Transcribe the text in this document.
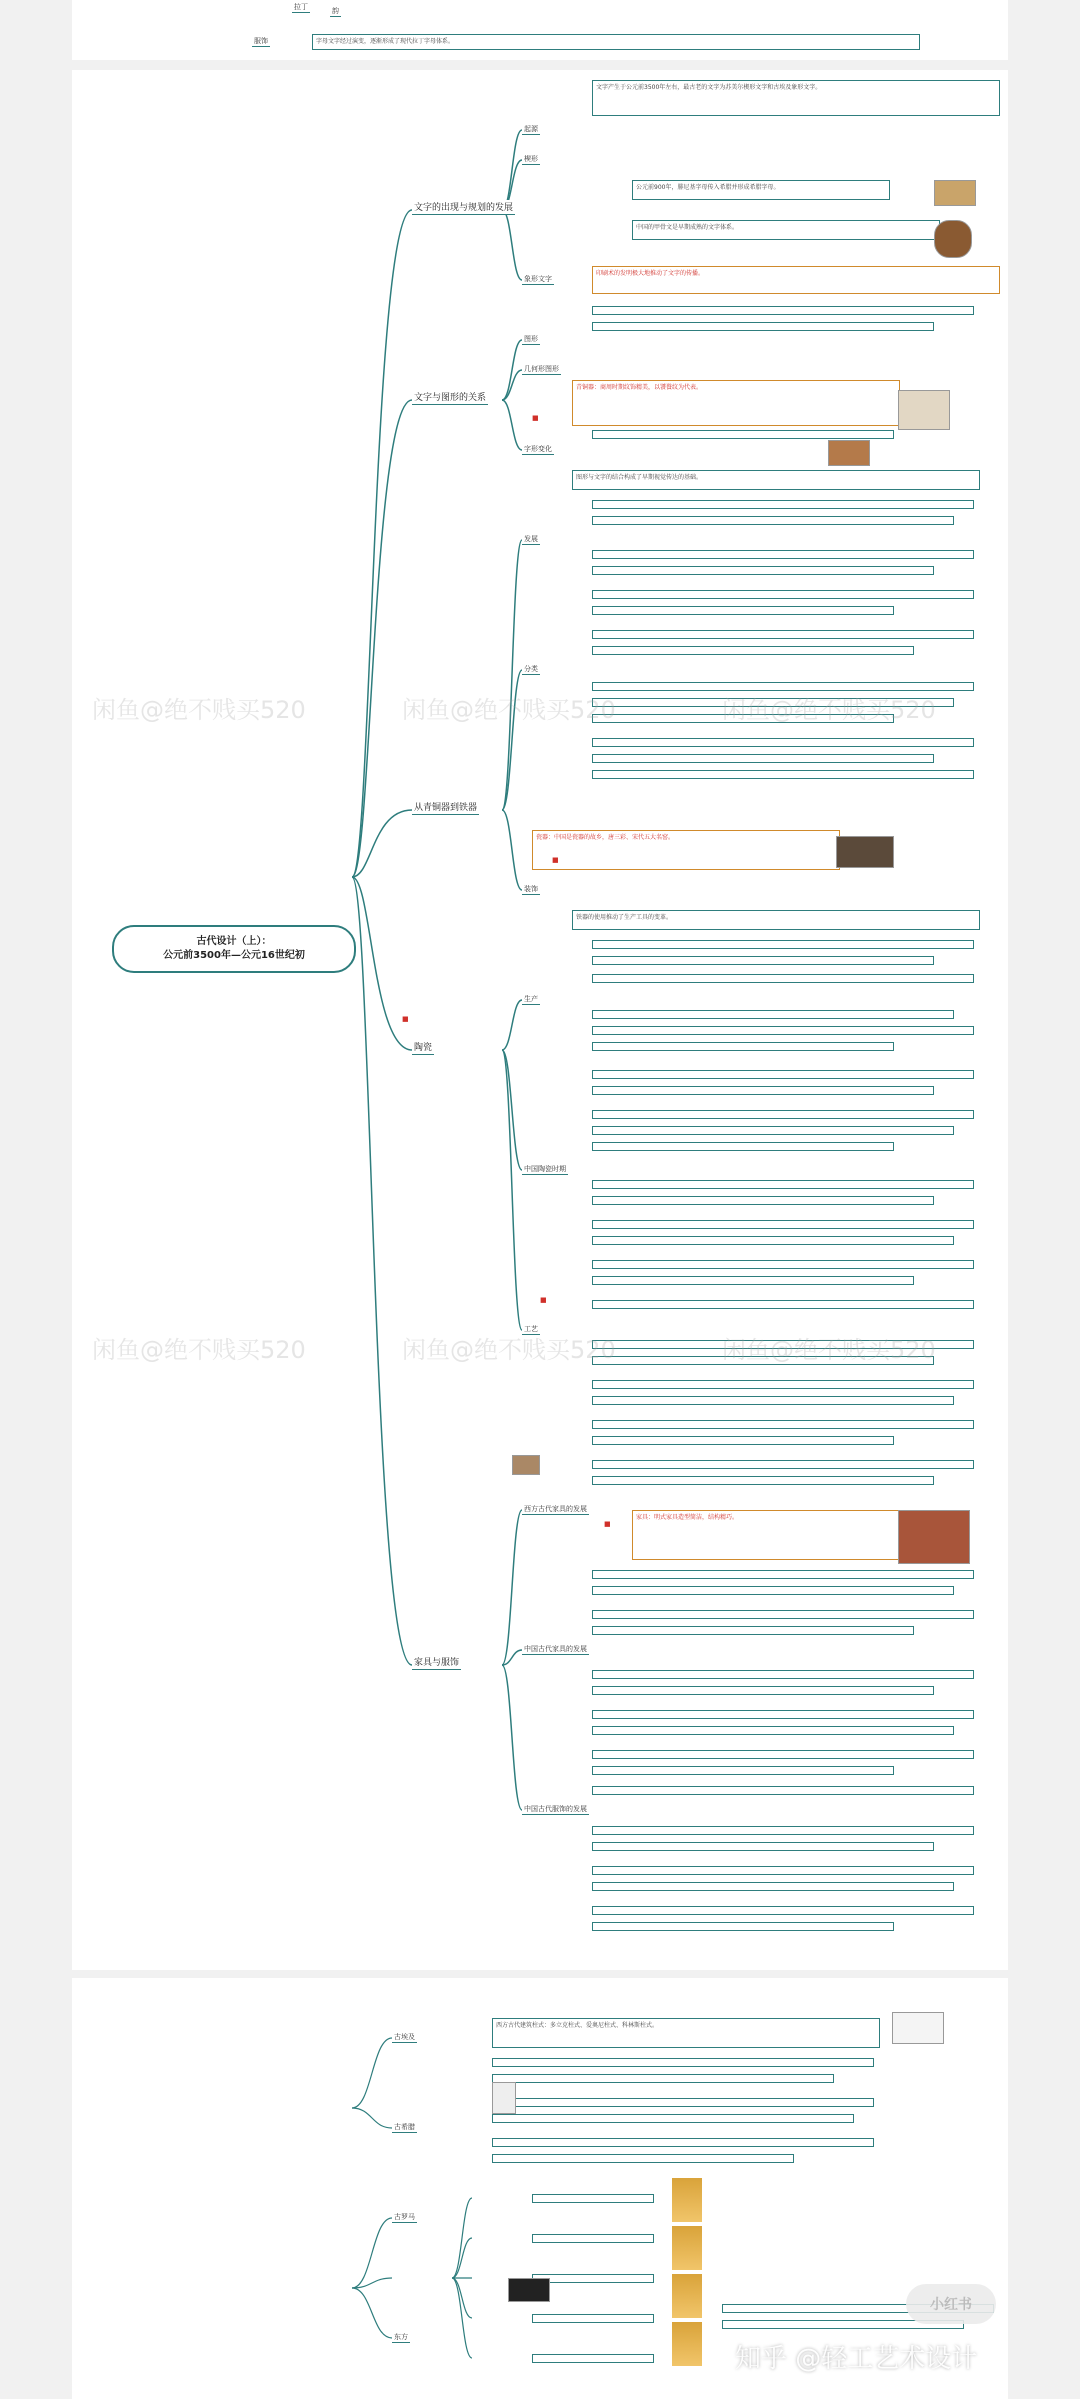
拉丁	韵
服饰	字母文字经过演变，逐渐形成了现代拉丁字母体系。
古代设计（上）：
公元前3500年—公元16世纪初
文字的出现与规划的发展
文字与图形的关系
从青铜器到铁器
陶瓷
家具与服饰
起源
楔形
象形文字
图形
几何形图形
字形变化
发展
分类
装饰
生产
中国陶瓷时期
工艺
西方古代家具的发展
中国古代家具的发展
中国古代服饰的发展
文字产生于公元前3500年左右，最古老的文字为苏美尔楔形文字和古埃及象形文字。
公元前900年，腓尼基字母传入希腊并形成希腊字母。
中国的甲骨文是早期成熟的文字体系。
印刷术的发明极大地推动了文字的传播。
青铜器：商周时期纹饰精美，以饕餮纹为代表。
图形与文字的结合构成了早期视觉传达的基础。
瓷器：中国是瓷器的故乡，唐三彩、宋代五大名窑。
铁器的使用推动了生产工具的变革。
家具：明式家具造型简洁，结构精巧。
■
■
■
■
■
闲鱼@绝不贱买520	闲鱼@绝不贱买520	闲鱼@绝不贱买520
闲鱼@绝不贱买520	闲鱼@绝不贱买520	闲鱼@绝不贱买520
古埃及
古希腊
古罗马
东方
西方古代建筑柱式：多立克柱式、爱奥尼柱式、科林斯柱式。
小红书
知乎 @轻工艺术设计
